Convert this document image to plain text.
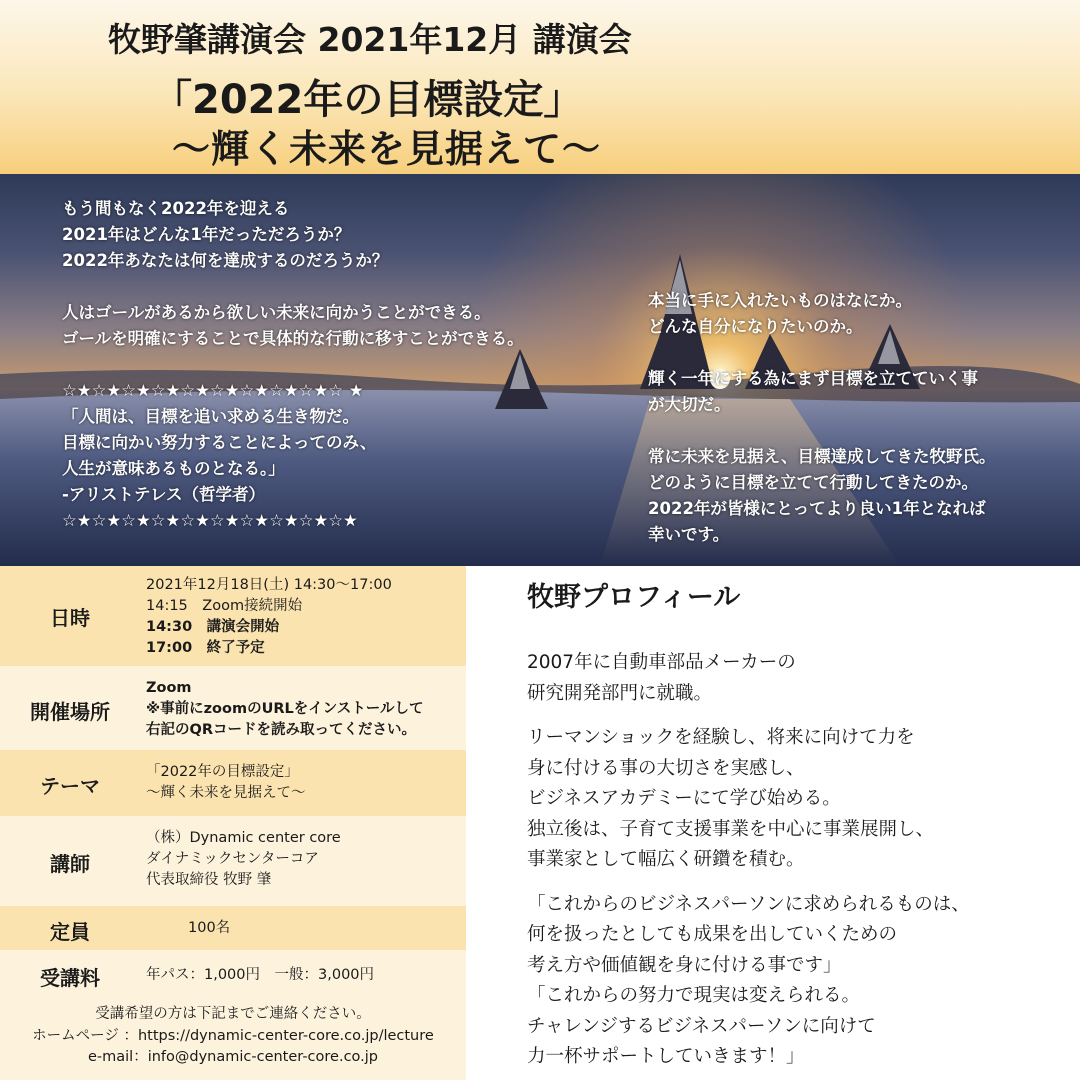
牧野肇講演会 2021年12月 講演会
「2022年の目標設定」
～輝く未来を見据えて～
もう間もなく2022年を迎える
2021年はどんな1年だっただろうか？
2022年あなたは何を達成するのだろうか？
人はゴールがあるから欲しい未来に向かうことができる。
ゴールを明確にすることで具体的な行動に移すことができる。
☆★☆★☆★☆★☆★☆★☆★☆★☆★☆ ★
「人間は、目標を追い求める生き物だ。
目標に向かい努力することによってのみ、
人生が意味あるものとなる。」
-アリストテレス（哲学者）
☆★☆★☆★☆★☆★☆★☆★☆★☆★☆★
本当に手に入れたいものはなにか。
どんな自分になりたいのか。
輝く一年にする為にまず目標を立てていく事
が大切だ。
常に未来を見据え、目標達成してきた牧野氏。
どのように目標を立てて行動してきたのか。
2022年が皆様にとってより良い1年となれば
幸いです。
日時
2021年12月18日(土) 14:30～17:00
14:15　Zoom接続開始
14:30　講演会開始
17:00　終了予定
開催場所
Zoom
※事前にzoomのURLをインストールして
右記のQRコードを読み取ってください。
テーマ
「2022年の目標設定」
～輝く未来を見据えて～
講師
（株）Dynamic center core
ダイナミックセンターコア
代表取締役 牧野 肇
定員	100名
受講料	年パス：1,000円　一般：3,000円
受講希望の方は下記までご連絡ください。
ホームページ ：https://dynamic-center-core.co.jp/lecture
e-mail：info@dynamic-center-core.co.jp
牧野プロフィール
2007年に自動車部品メーカーの
研究開発部門に就職。
リーマンショックを経験し、将来に向けて力を
身に付ける事の大切さを実感し、
ビジネスアカデミーにて学び始める。
独立後は、子育て支援事業を中心に事業展開し、
事業家として幅広く研鑽を積む。
「これからのビジネスパーソンに求められるものは、
何を扱ったとしても成果を出していくための
考え方や価値観を身に付ける事です」
「これからの努力で現実は変えられる。
チャレンジするビジネスパーソンに向けて
力一杯サポートしていきます！」
